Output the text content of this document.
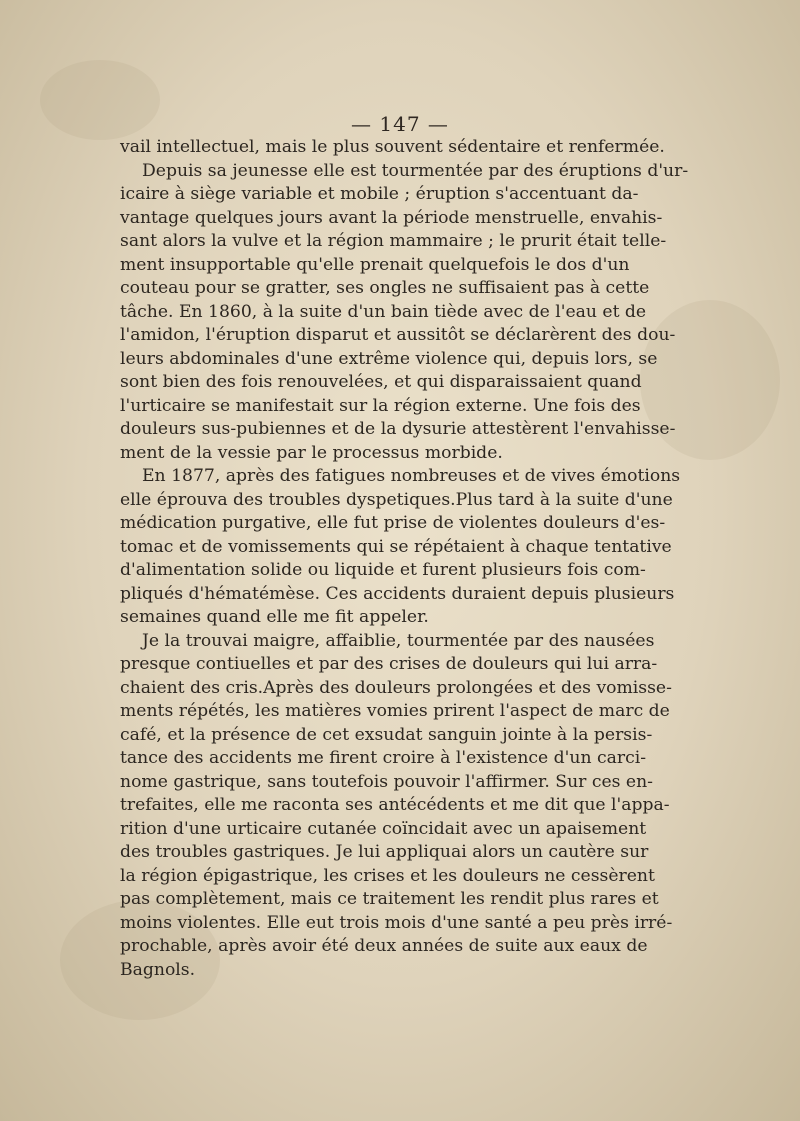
— 147 —
vail intellectuel, mais le plus souvent sédentaire et renfermée.
Depuis sa jeunesse elle est tourmentée par des éruptions d'ur-
icaire à siège variable et mobile ; éruption s'accentuant da-
vantage quelques jours avant la période menstruelle, envahis-
sant alors la vulve et la région mammaire ; le prurit était telle-
ment insupportable qu'elle prenait quelquefois le dos d'un
couteau pour se gratter, ses ongles ne suffisaient pas à cette
tâche. En 1860, à la suite d'un bain tiède avec de l'eau et de
l'amidon, l'éruption disparut et aussitôt se déclarèrent des dou-
leurs abdominales d'une extrême violence qui, depuis lors, se
sont bien des fois renouvelées, et qui disparaissaient quand
l'urticaire se manifestait sur la région externe. Une fois des
douleurs sus-pubiennes et de la dysurie attestèrent l'envahisse-
ment de la vessie par le processus morbide.
En 1877, après des fatigues nombreuses et de vives émotions
elle éprouva des troubles dyspetiques.Plus tard à la suite d'une
médication purgative, elle fut prise de violentes douleurs d'es-
tomac et de vomissements qui se répétaient à chaque tentative
d'alimentation solide ou liquide et furent plusieurs fois com-
pliqués d'hématémèse. Ces accidents duraient depuis plusieurs
semaines quand elle me fit appeler.
Je la trouvai maigre, affaiblie, tourmentée par des nausées
presque contiuelles et par des crises de douleurs qui lui arra-
chaient des cris.Après des douleurs prolongées et des vomisse-
ments répétés, les matières vomies prirent l'aspect de marc de
café, et la présence de cet exsudat sanguin jointe à la persis-
tance des accidents me firent croire à l'existence d'un carci-
nome gastrique, sans toutefois pouvoir l'affirmer. Sur ces en-
trefaites, elle me raconta ses antécédents et me dit que l'appa-
rition d'une urticaire cutanée coïncidait avec un apaisement
des troubles gastriques. Je lui appliquai alors un cautère sur
la région épigastrique, les crises et les douleurs ne cessèrent
pas complètement, mais ce traitement les rendit plus rares et
moins violentes. Elle eut trois mois d'une santé a peu près irré-
prochable, après avoir été deux années de suite aux eaux de
Bagnols.
